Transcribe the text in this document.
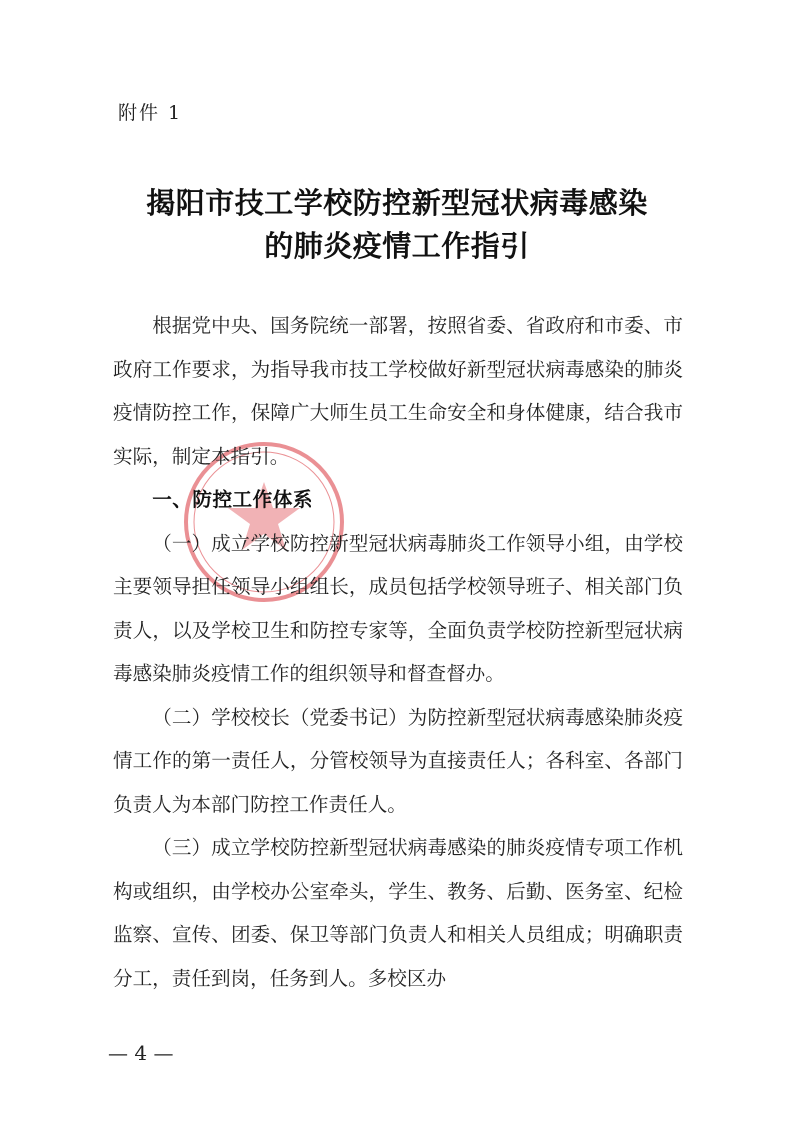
附件 1
揭阳市技工学校防控新型冠状病毒感染
的肺炎疫情工作指引

根据党中央、国务院统一部署，按照省委、省政府和市委、市政府工作要求，为指导我市技工学校做好新型冠状病毒感染的肺炎疫情防控工作，保障广大师生员工生命安全和身体健康，结合我市实际，制定本指引。

一、防控工作体系

（一）成立学校防控新型冠状病毒肺炎工作领导小组，由学校主要领导担任领导小组组长，成员包括学校领导班子、相关部门负责人，以及学校卫生和防控专家等，全面负责学校防控新型冠状病毒感染肺炎疫情工作的组织领导和督查督办。

（二）学校校长（党委书记）为防控新型冠状病毒感染肺炎疫情工作的第一责任人，分管校领导为直接责任人；各科室、各部门负责人为本部门防控工作责任人。

（三）成立学校防控新型冠状病毒感染的肺炎疫情专项工作机构或组织，由学校办公室牵头，学生、教务、后勤、医务室、纪检监察、宣传、团委、保卫等部门负责人和相关人员组成；明确职责分工，责任到岗，任务到人。多校区办

— 4 —
